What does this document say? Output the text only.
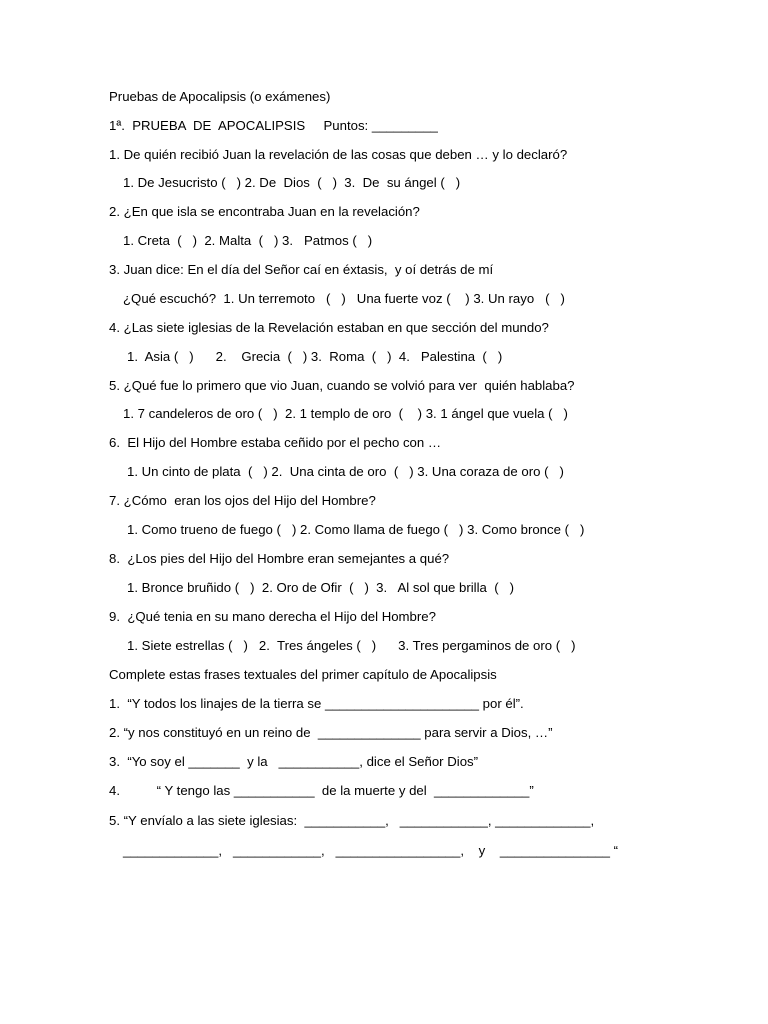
Pruebas de Apocalipsis (o exámenes)
1ª.  PRUEBA  DE  APOCALIPSIS     Puntos: _________
1. De quién recibió Juan la revelación de las cosas que deben … y lo declaró?
1. De Jesucristo (   ) 2. De  Dios  (   )  3.  De  su ángel (   )
2. ¿En que isla se encontraba Juan en la revelación?
1. Creta  (   )  2. Malta  (   ) 3.   Patmos (   )
3. Juan dice: En el día del Señor caí en éxtasis,  y oí detrás de mí
¿Qué escuchó?  1. Un terremoto   (   )   Una fuerte voz (    ) 3. Un rayo   (   )
4. ¿Las siete iglesias de la Revelación estaban en que sección del mundo?
1.  Asia (   )      2.    Grecia  (   ) 3.  Roma  (   )  4.   Palestina  (   )
5. ¿Qué fue lo primero que vio Juan, cuando se volvió para ver  quién hablaba?
1. 7 candeleros de oro (   )  2. 1 templo de oro  (    ) 3. 1 ángel que vuela (   )
6.  El Hijo del Hombre estaba ceñido por el pecho con …
1. Un cinto de plata  (   ) 2.  Una cinta de oro  (   ) 3. Una coraza de oro (   )
7. ¿Cómo  eran los ojos del Hijo del Hombre?
1. Como trueno de fuego (   ) 2. Como llama de fuego (   ) 3. Como bronce (   )
8.  ¿Los pies del Hijo del Hombre eran semejantes a qué?
1. Bronce bruñido (   )  2. Oro de Ofir  (   )  3.   Al sol que brilla  (   )
9.  ¿Qué tenia en su mano derecha el Hijo del Hombre?
1. Siete estrellas (   )   2.  Tres ángeles (   )      3. Tres pergaminos de oro (   )
Complete estas frases textuales del primer capítulo de Apocalipsis
1.  “Y todos los linajes de la tierra se _____________________ por él”.
2. “y nos constituyó en un reino de  ______________ para servir a Dios, …”
3.  “Yo soy el _______  y la   ___________, dice el Señor Dios”
4.          “ Y tengo las ___________  de la muerte y del  _____________”
5. “Y envíalo a las siete iglesias:  ___________,   ____________, _____________,
_____________,   ____________,   _________________,    y    _______________ “
